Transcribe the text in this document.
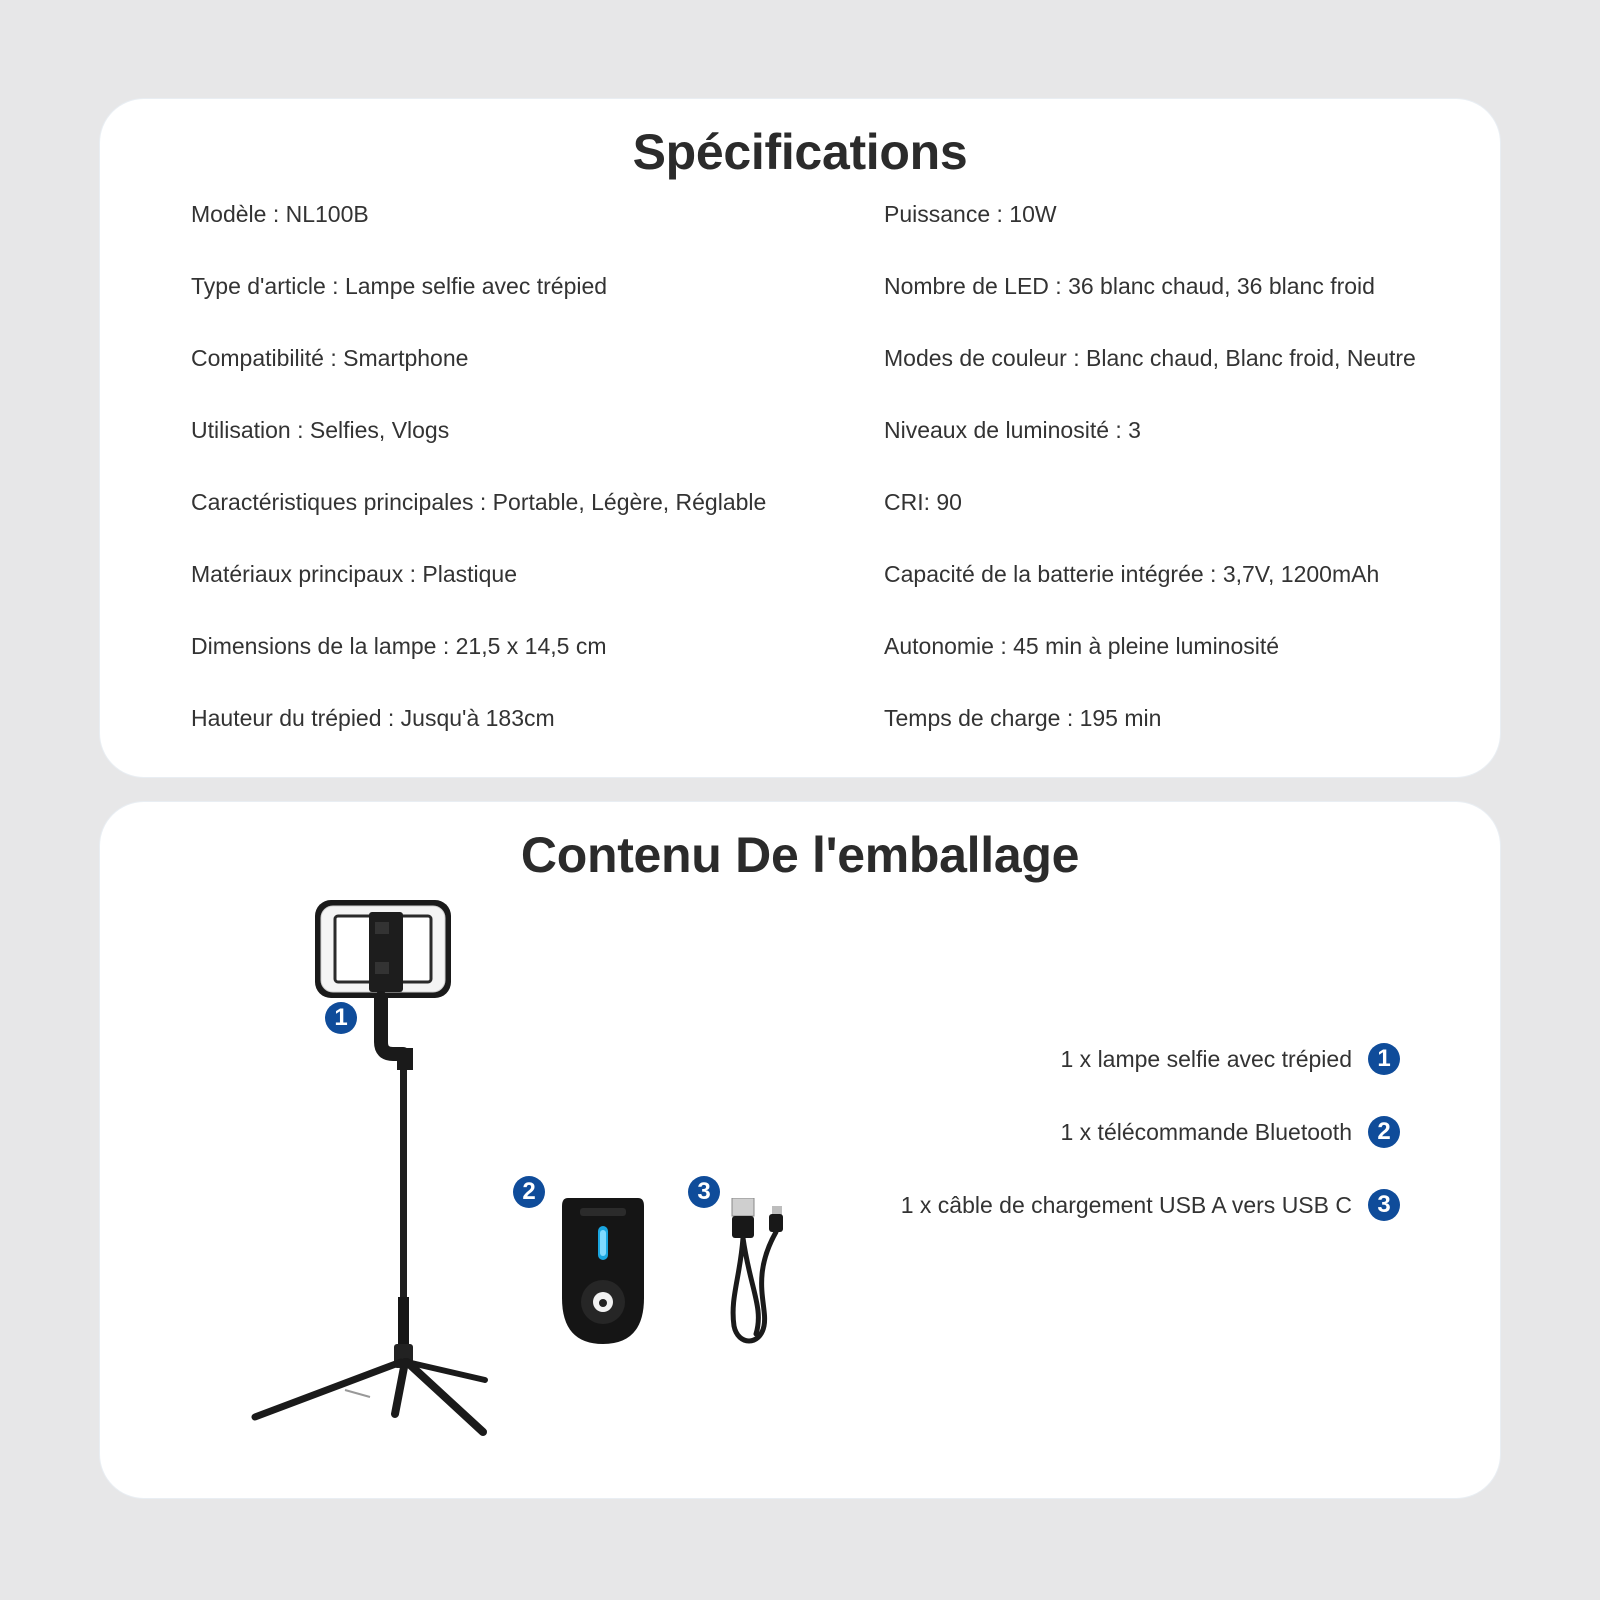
Spécifications
Modèle : NL100B
Type d'article : Lampe selfie avec trépied
Compatibilité : Smartphone
Utilisation : Selfies, Vlogs
Caractéristiques principales : Portable, Légère, Réglable
Matériaux principaux : Plastique
Dimensions de la lampe : 21,5 x 14,5 cm
Hauteur du trépied : Jusqu'à 183cm
Puissance : 10W
Nombre de LED : 36 blanc chaud, 36 blanc froid
Modes de couleur : Blanc chaud, Blanc froid, Neutre
Niveaux de luminosité : 3
CRI: 90
Capacité de la batterie intégrée : 3,7V, 1200mAh
Autonomie : 45 min à pleine luminosité
Temps de charge : 195 min
Contenu De l'emballage
1
2	3
1 x lampe selfie avec trépied	1
1 x télécommande Bluetooth	2
1 x câble de chargement USB A vers USB C	3
